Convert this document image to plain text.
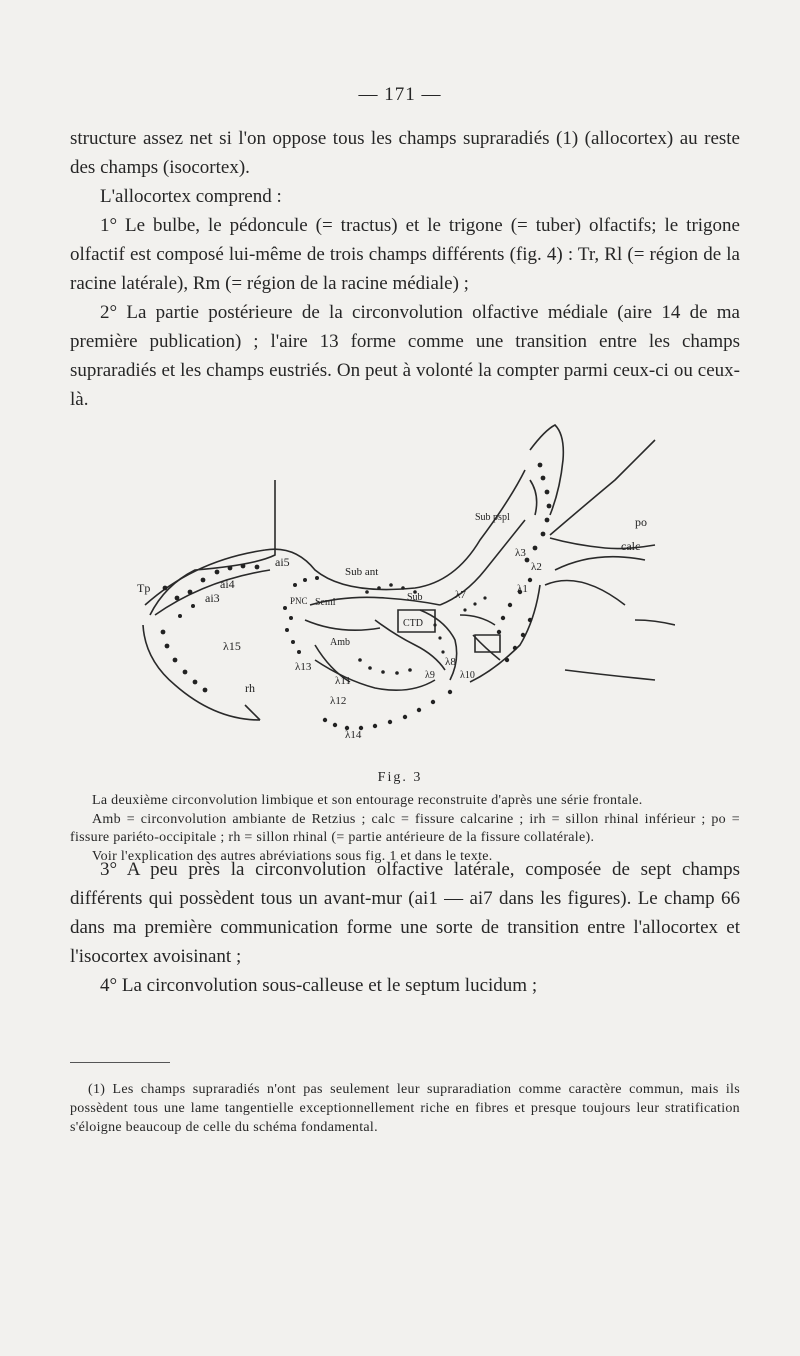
— 171 —

structure assez net si l'on oppose tous les champs supraradiés (1) (allocortex) au reste des champs (isocortex).

L'allocortex comprend :

1° Le bulbe, le pédoncule (= tractus) et le trigone (= tuber) olfactifs; le trigone olfactif est composé lui-même de trois champs différents (fig. 4) : Tr, Rl (= région de la racine latérale), Rm (= région de la racine médiale) ;

2° La partie postérieure de la circonvolution olfactive médiale (aire 14 de ma première publication) ; l'aire 13 forme comme une transition entre les champs supraradiés et les champs eustriés. On peut à volonté la compter parmi ceux-ci ou ceux-là.

Tp
ai5
ai4
ai3
λ15
rh
Sub pspl	po
calc
Sub ant
λ3
λ2
λ7	λ1
λ8
λ11
λ12
λ13
λ14
λ9	λ10
Seml
PNC
Amb
CTD
Sub
Fig. 3

La deuxième circonvolution limbique et son entourage reconstruite d'après une série frontale.

Amb = circonvolution ambiante de Retzius ; calc = fissure calcarine ; irh = sillon rhinal inférieur ; po = fissure pariéto-occipitale ; rh = sillon rhinal (= partie antérieure de la fissure collatérale).

Voir l'explication des autres abréviations sous fig. 1 et dans le texte.

3° A peu près la circonvolution olfactive latérale, composée de sept champs différents qui possèdent tous un avant-mur (ai1 — ai7 dans les figures). Le champ 66 dans ma première communication forme une sorte de transition entre l'allocortex et l'isocortex avoisinant ;

4° La circonvolution sous-calleuse et le septum lucidum ;

(1) Les champs supraradiés n'ont pas seulement leur supraradiation comme caractère commun, mais ils possèdent tous une lame tangentielle exceptionnellement riche en fibres et presque toujours leur stratification s'éloigne beaucoup de celle du schéma fondamental.
